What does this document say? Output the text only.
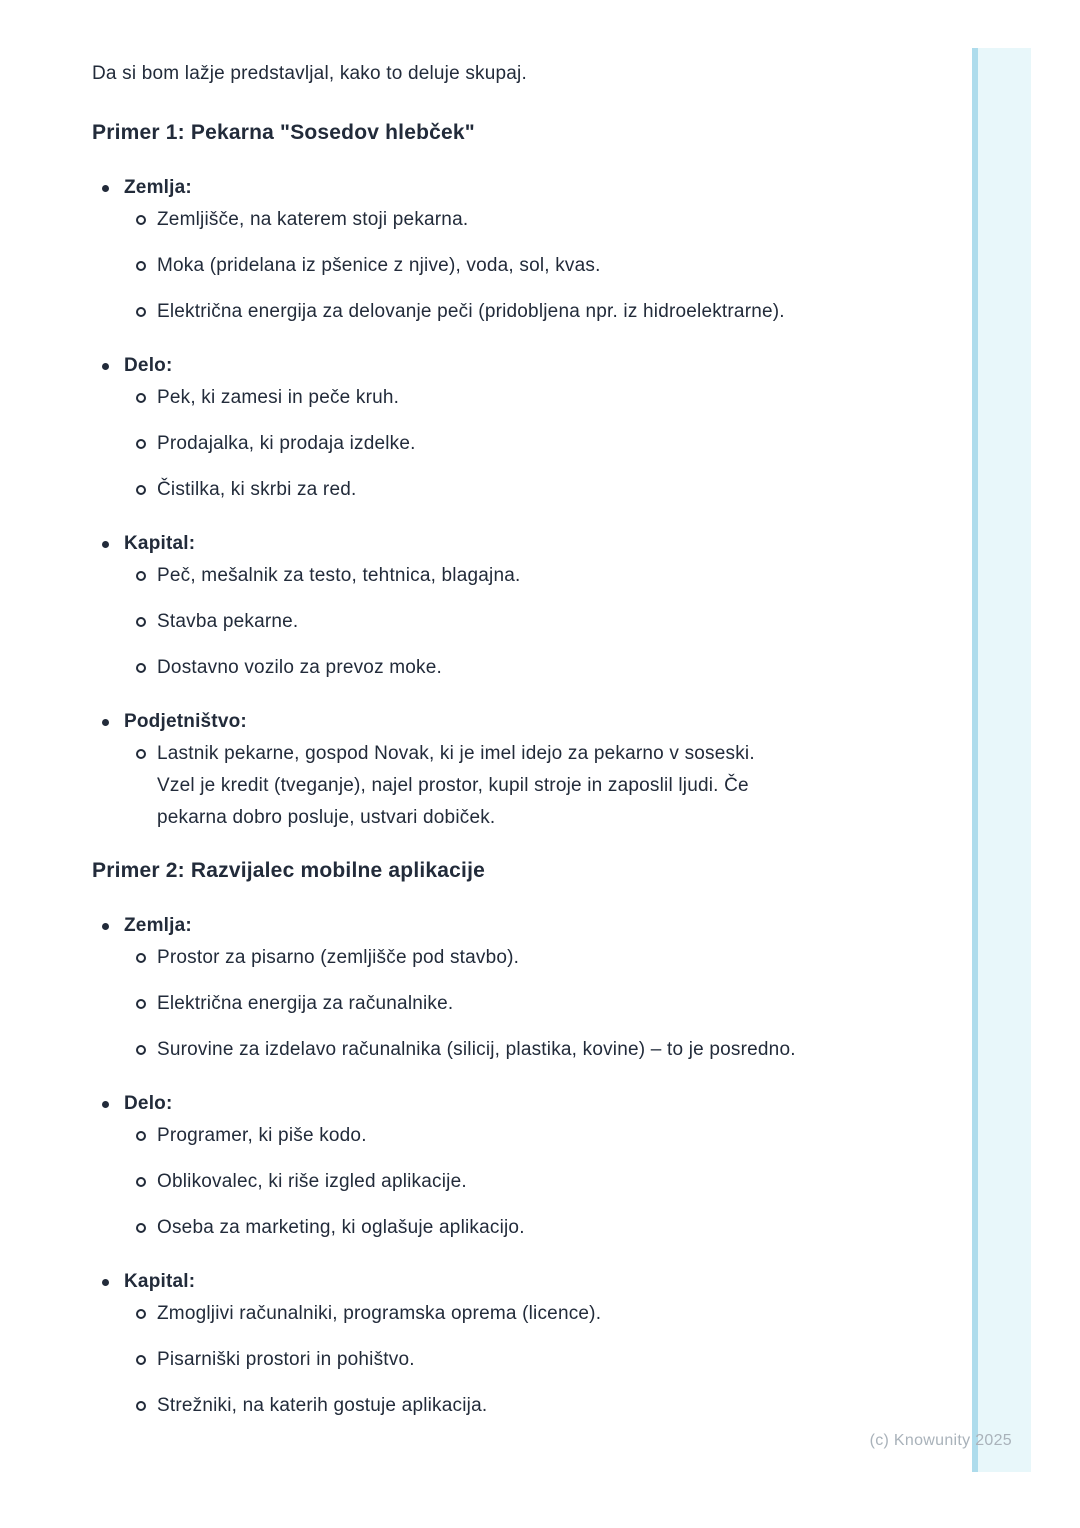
Da si bom lažje predstavljal, kako to deluje skupaj.

Primer 1: Pekarna "Sosedov hlebček"
Zemlja:
Zemljišče, na katerem stoji pekarna.
Moka (pridelana iz pšenice z njive), voda, sol, kvas.
Električna energija za delovanje peči (pridobljena npr. iz hidroelektrarne).
Delo:
Pek, ki zamesi in peče kruh.
Prodajalka, ki prodaja izdelke.
Čistilka, ki skrbi za red.
Kapital:
Peč, mešalnik za testo, tehtnica, blagajna.
Stavba pekarne.
Dostavno vozilo za prevoz moke.
Podjetništvo:
Lastnik pekarne, gospod Novak, ki je imel idejo za pekarno v soseski. Vzel je kredit (tveganje), najel prostor, kupil stroje in zaposlil ljudi. Če pekarna dobro posluje, ustvari dobiček.
Primer 2: Razvijalec mobilne aplikacije
Zemlja:
Prostor za pisarno (zemljišče pod stavbo).
Električna energija za računalnike.
Surovine za izdelavo računalnika (silicij, plastika, kovine) – to je posredno.
Delo:
Programer, ki piše kodo.
Oblikovalec, ki riše izgled aplikacije.
Oseba za marketing, ki oglašuje aplikacijo.
Kapital:
Zmogljivi računalniki, programska oprema (licence).
Pisarniški prostori in pohištvo.
Strežniki, na katerih gostuje aplikacija.
(c) Knowunity 2025
